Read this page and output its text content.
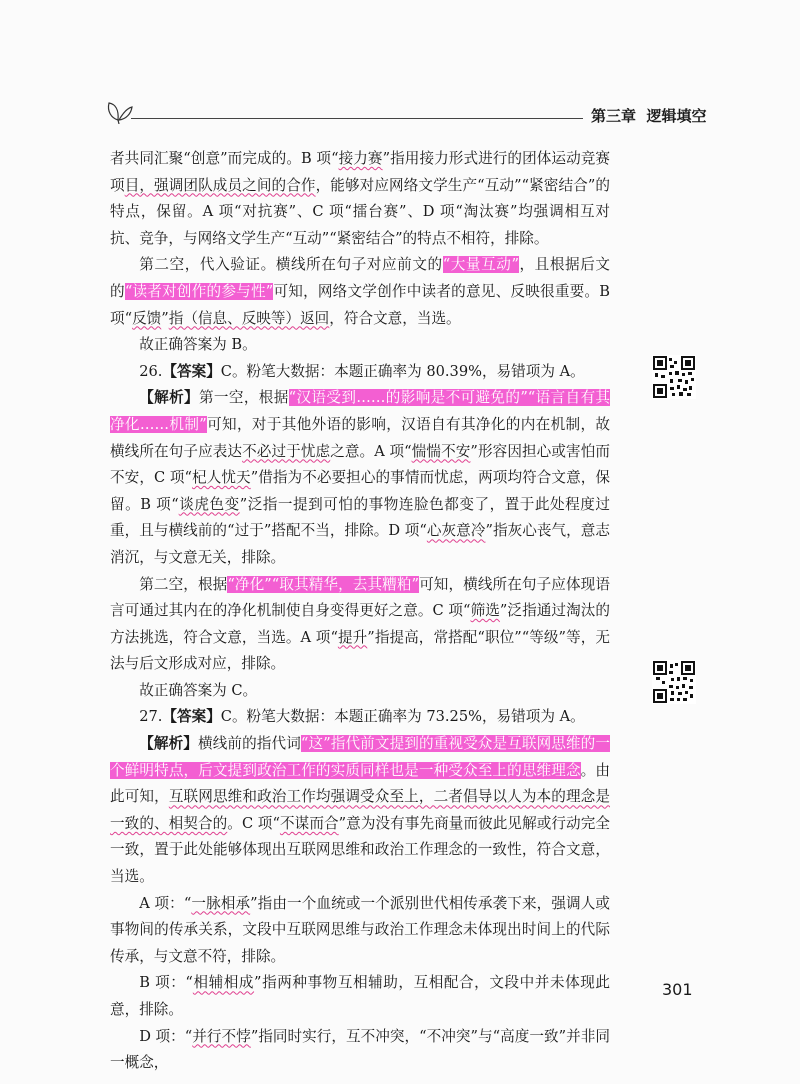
第三章 逻辑填空

者共同汇聚“创意”而完成的。B 项“接力赛”指用接力形式进行的团体运动竞赛项目，强调团队成员之间的合作，能够对应网络文学生产“互动”“紧密结合”的特点，保留。A 项“对抗赛”、C 项“擂台赛”、D 项“淘汰赛”均强调相互对抗、竞争，与网络文学生产“互动”“紧密结合”的特点不相符，排除。

第二空，代入验证。横线所在句子对应前文的“大量互动”，且根据后文的“读者对创作的参与性”可知，网络文学创作中读者的意见、反映很重要。B 项“反馈”指（信息、反映等）返回，符合文意，当选。

故正确答案为 B。

26.【答案】C。粉笔大数据：本题正确率为 80.39%，易错项为 A。

【解析】第一空，根据“汉语受到……的影响是不可避免的”“语言自有其净化……机制”可知，对于其他外语的影响，汉语自有其净化的内在机制，故横线所在句子应表达不必过于忧虑之意。A 项“惴惴不安”形容因担心或害怕而不安，C 项“杞人忧天”借指为不必要担心的事情而忧虑，两项均符合文意，保留。B 项“谈虎色变”泛指一提到可怕的事物连脸色都变了，置于此处程度过重，且与横线前的“过于”搭配不当，排除。D 项“心灰意冷”指灰心丧气，意志消沉，与文意无关，排除。

第二空，根据“净化”“取其精华，去其糟粕”可知，横线所在句子应体现语言可通过其内在的净化机制使自身变得更好之意。C 项“筛选”泛指通过淘汰的方法挑选，符合文意，当选。A 项“提升”指提高，常搭配“职位”“等级”等，无法与后文形成对应，排除。

故正确答案为 C。

27.【答案】C。粉笔大数据：本题正确率为 73.25%，易错项为 A。

【解析】横线前的指代词“这”指代前文提到的重视受众是互联网思维的一个鲜明特点，后文提到政治工作的实质同样也是一种受众至上的思维理念。由此可知，互联网思维和政治工作均强调受众至上，二者倡导以人为本的理念是一致的、相契合的。C 项“不谋而合”意为没有事先商量而彼此见解或行动完全一致，置于此处能够体现出互联网思维和政治工作理念的一致性，符合文意，当选。

A 项：“一脉相承”指由一个血统或一个派别世代相传承袭下来，强调人或事物间的传承关系，文段中互联网思维与政治工作理念未体现出时间上的代际传承，与文意不符，排除。

B 项：“相辅相成”指两种事物互相辅助，互相配合，文段中并未体现此意，排除。

D 项：“并行不悖”指同时实行，互不冲突，“不冲突”与“高度一致”并非同一概念，

301
